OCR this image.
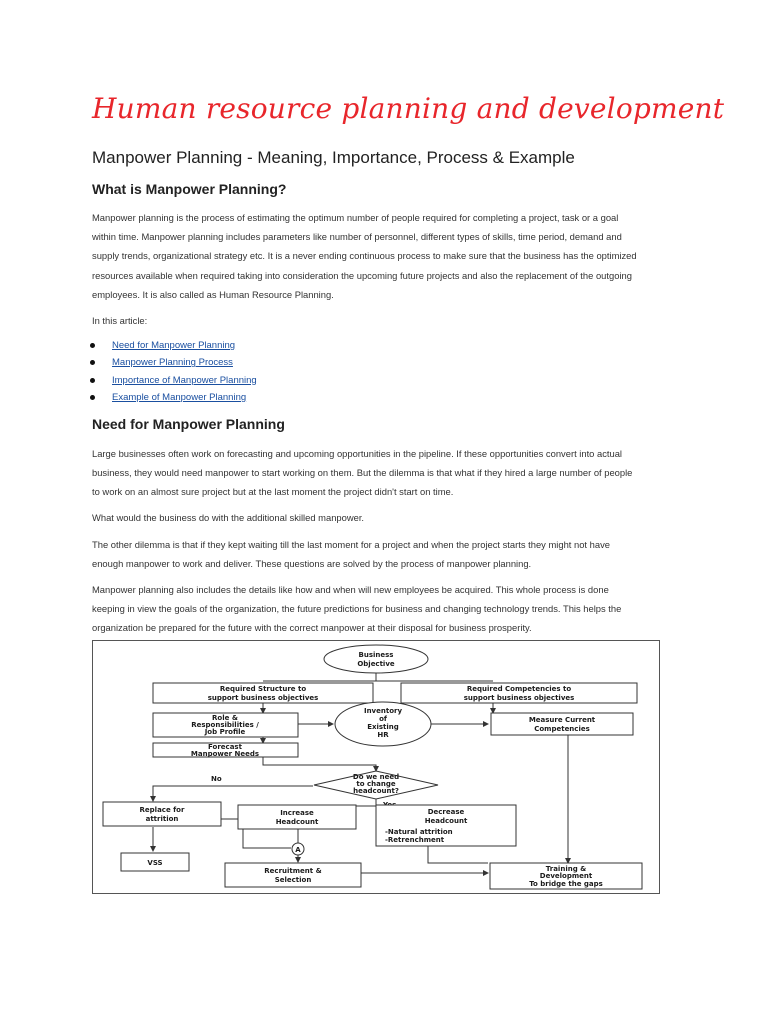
Human resource planning and development
Manpower Planning - Meaning, Importance, Process & Example
What is Manpower Planning?
Manpower planning is the process of estimating the optimum number of people required for completing a project, task or a goal
within time. Manpower planning includes parameters like number of personnel, different types of skills, time period, demand and
supply trends, organizational strategy etc. It is a never ending continuous process to make sure that the business has the optimized
resources available when required taking into consideration the upcoming future projects and also the replacement of the outgoing
employees. It is also called as Human Resource Planning.
In this article:
Need for Manpower Planning
Manpower Planning Process
Importance of Manpower Planning
Example of Manpower Planning
Need for Manpower Planning
Large businesses often work on forecasting and upcoming opportunities in the pipeline. If these opportunities convert into actual
business, they would need manpower to start working on them. But the dilemma is that what if they hired a large number of people
to work on an almost sure project but at the last moment the project didn't start on time.
What would the business do with the additional skilled manpower.
The other dilemma is that if they kept waiting till the last moment for a project and when the project starts they might not have
enough manpower to work and deliver. These questions are solved by the process of manpower planning.
Manpower planning also includes the details like how and when will new employees be acquired. This whole process is done
keeping in view the goals of the organization, the future predictions for business and changing technology trends. This helps the
organization be prepared for the future with the correct manpower at their disposal for business prosperity.
Business
Objective
Required Structure to
support business objectives
Required Competencies to
support business objectives
Role &
Responsibilities /
Job Profile
Inventory
of
Existing
HR
Measure Current
Competencies
Forecast
Manpower Needs
Do we need
to change
headcount?
No
Replace for
attrition
Increase
Headcount
Decrease
Headcount
-Natural attrition
-Retrenchment
A
VSS
Recruitment &
Selection
Training &
Development
To bridge the gaps
